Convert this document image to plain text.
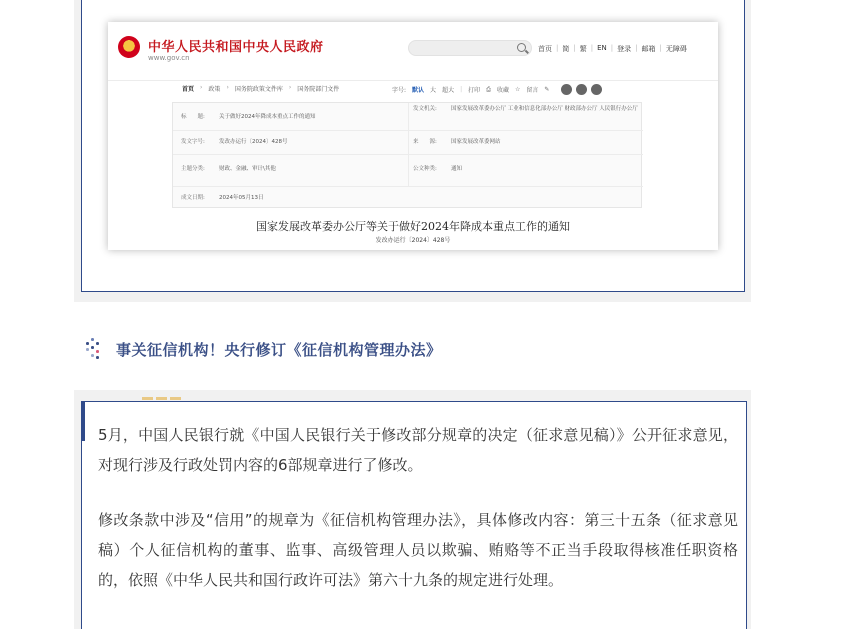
中华人民共和国中央人民政府
www.gov.cn
首页 | 简 | 繁 | EN | 登录 | 邮箱 | 无障碍
首页 › 政策 › 国务院政策文件库 › 国务院部门文件	字号: 默认 大 超大 | 打印 ⎙ 收藏 ☆ 留言 ✎
标　　题:	关于做好2024年降成本重点工作的通知
发文机关:	国家发展改革委办公厅 工业和信息化部办公厅 财政部办公厅 人民银行办公厅
发文字号:	发改办运行〔2024〕428号	来　　源:	国家发展改革委网站
主题分类:	财政、金融、审计\其他	公文种类:	通知
成文日期:	2024年05月13日
国家发展改革委办公厅等关于做好2024年降成本重点工作的通知
发改办运行〔2024〕428号
事关征信机构！央行修订《征信机构管理办法》

5月，中国人民银行就《中国人民银行关于修改部分规章的决定（征求意见稿）》公开征求意见，对现行涉及行政处罚内容的6部规章进行了修改。

修改条款中涉及“信用”的规章为《征信机构管理办法》，具体修改内容：第三十五条（征求意见稿）个人征信机构的董事、监事、高级管理人员以欺骗、贿赂等不正当手段取得核准任职资格的，依照《中华人民共和国行政许可法》第六十九条的规定进行处理。
